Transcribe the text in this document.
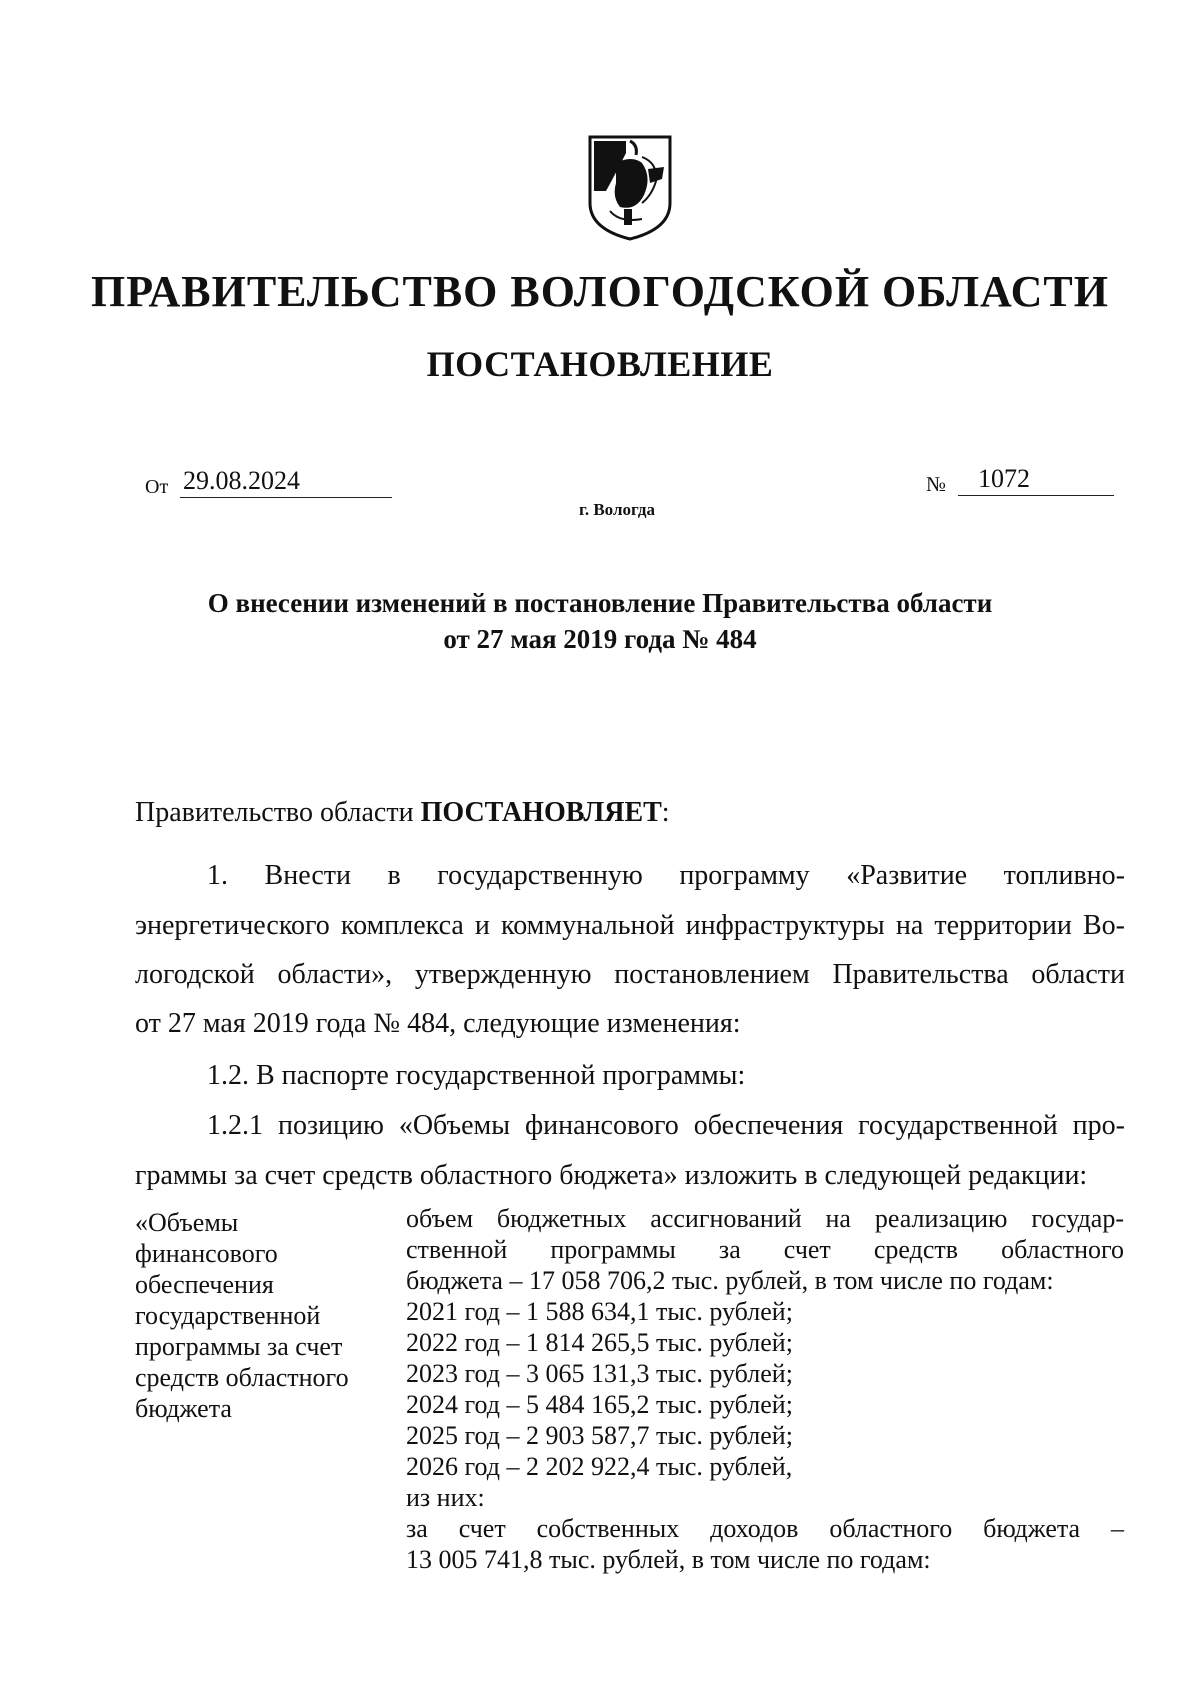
ПРАВИТЕЛЬСТВО ВОЛОГОДСКОЙ ОБЛАСТИ
ПОСТАНОВЛЕНИЕ
От 29.08.2024	№	1072
г. Вологда
О внесении изменений в постановление Правительства области
от 27 мая 2019 года № 484
Правительство области ПОСТАНОВЛЯЕТ:
1. Внести в государственную программу «Развитие топливно-
энергетического комплекса и коммунальной инфраструктуры на территории Во-
логодской области», утвержденную постановлением Правительства области
от 27 мая 2019 года № 484, следующие изменения:
1.2. В паспорте государственной программы:
1.2.1 позицию «Объемы финансового обеспечения государственной про-
граммы за счет средств областного бюджета» изложить в следующей редакции:
«Объемы
финансового
обеспечения
государственной
программы за счет
средств областного
бюджета
объем бюджетных ассигнований на реализацию государ-
ственной программы за счет средств областного
бюджета – 17 058 706,2 тыс. рублей, в том числе по годам:
2021 год – 1 588 634,1 тыс. рублей;
2022 год – 1 814 265,5 тыс. рублей;
2023 год – 3 065 131,3 тыс. рублей;
2024 год – 5 484 165,2 тыс. рублей;
2025 год – 2 903 587,7 тыс. рублей;
2026 год – 2 202 922,4 тыс. рублей,
из них:
за счет собственных доходов областного бюджета –
13 005 741,8 тыс. рублей, в том числе по годам:
